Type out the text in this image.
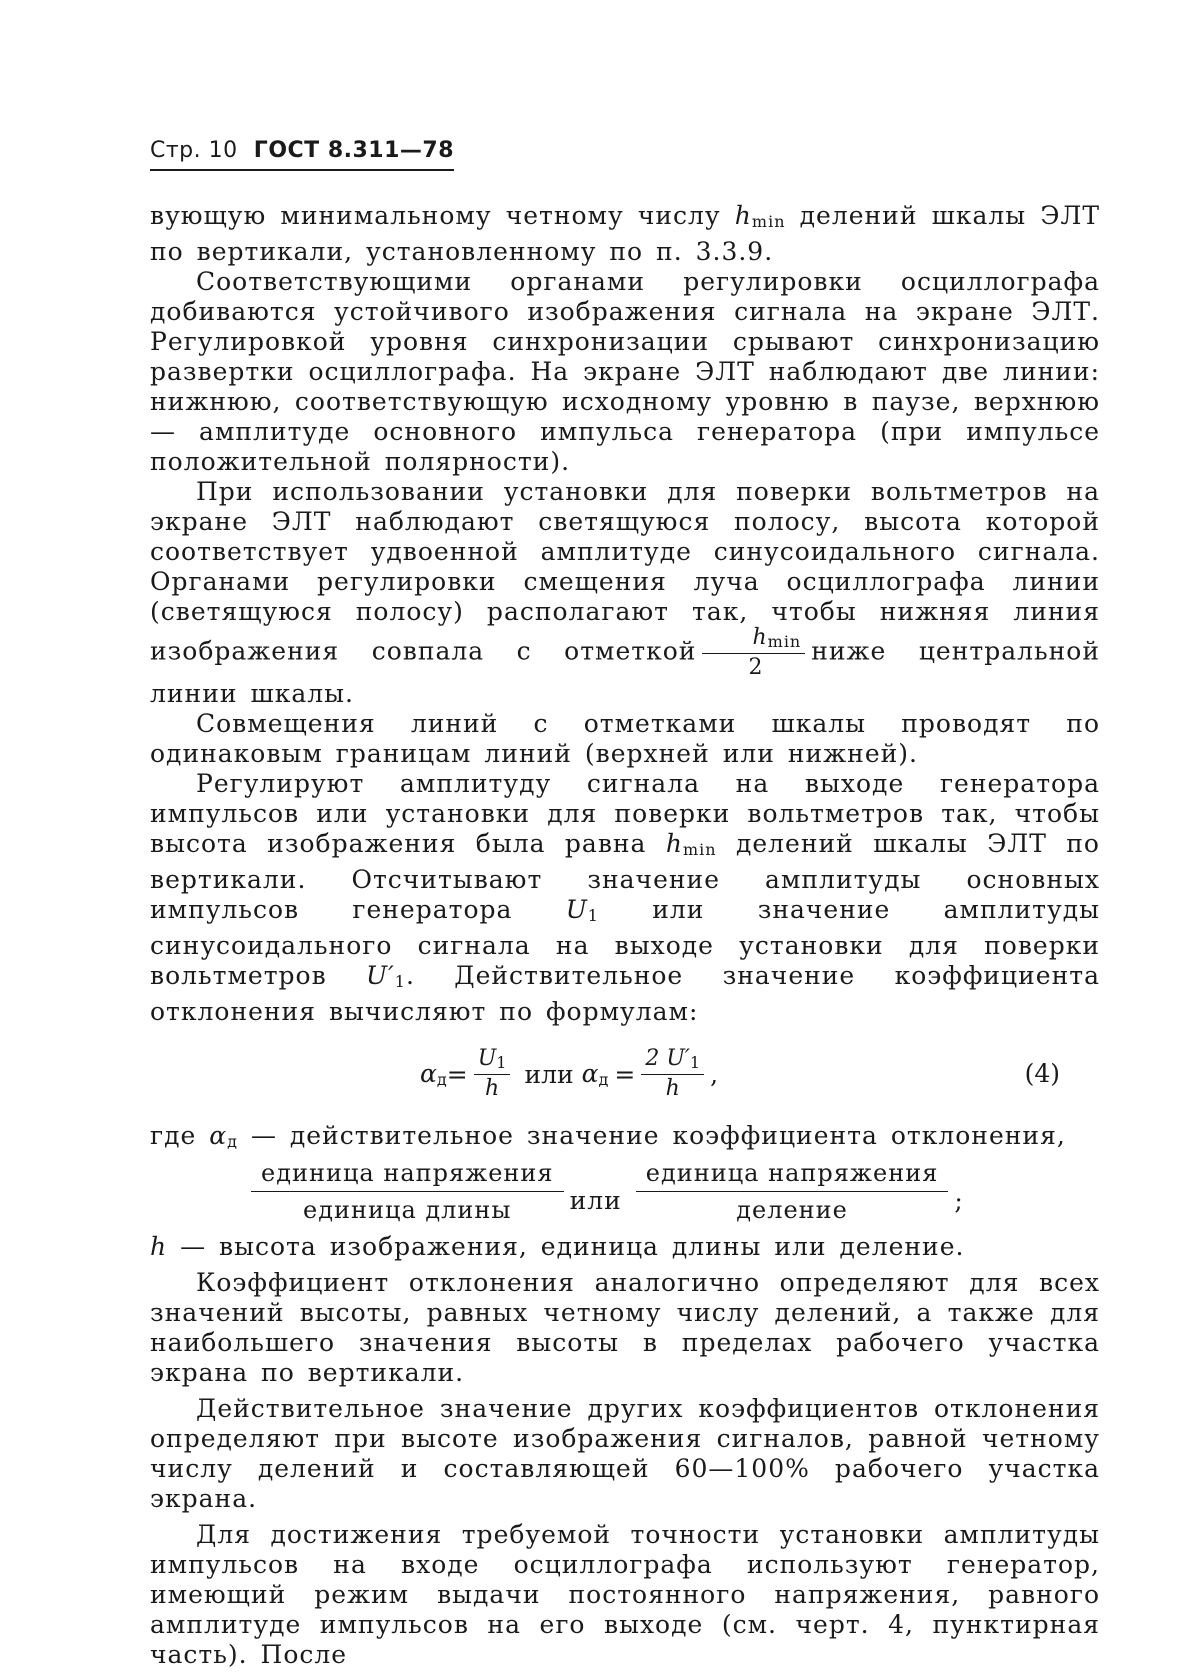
Стр. 10 ГОСТ 8.311—78

вующую минимальному четному числу hmin делений шкалы ЭЛТ по вертикали, установленному по п. 3.3.9.

Соответствующими органами регулировки осциллографа добиваются устойчивого изображения сигнала на экране ЭЛТ. Регулировкой уровня синхронизации срывают синхронизацию развертки осциллографа. На экране ЭЛТ наблюдают две линии: нижнюю, соответствующую исходному уровню в паузе, верхнюю — амплитуде основного импульса генератора (при импульсе положительной полярности).

При использовании установки для поверки вольтметров на экране ЭЛТ наблюдают светящуюся полосу, высота которой соответствует удвоенной амплитуде синусоидального сигнала. Органами регулировки смещения луча осциллографа линии (светящуюся полосу) располагают так, чтобы нижняя линия изображения совпала с отметкой $\frac{hmin}{2}$ ниже центральной линии шкалы.

Совмещения линий с отметками шкалы проводят по одинаковым границам линий (верхней или нижней).

Регулируют амплитуду сигнала на выходе генератора импульсов или установки для поверки вольтметров так, чтобы высота изображения была равна hmin делений шкалы ЭЛТ по вертикали. Отсчитывают значение амплитуды основных импульсов генератора U1 или значение амплитуды синусоидального сигнала на выходе установки для поверки вольтметров U′1. Действительное значение коэффициента отклонения вычисляют по формулам:

$\alpha д = \frac{U1}{h}$ или $\alpha д = \frac{2 U'1}{h}$ ,	(4)

где αд — действительное значение коэффициента отклонения,

$\frac{\text{единица напряжения}}{\text{единица длины}}$ или $\frac{\text{единица напряжения}}{\text{деление}}$ ;

h — высота изображения, единица длины или деление.

Коэффициент отклонения аналогично определяют для всех значений высоты, равных четному числу делений, а также для наибольшего значения высоты в пределах рабочего участка экрана по вертикали.

Действительное значение других коэффициентов отклонения определяют при высоте изображения сигналов, равной четному числу делений и составляющей 60—100% рабочего участка экрана.

Для достижения требуемой точности установки амплитуды импульсов на входе осциллографа используют генератор, имеющий режим выдачи постоянного напряжения, равного амплитуде импульсов на его выходе (см. черт. 4, пунктирная часть). После
